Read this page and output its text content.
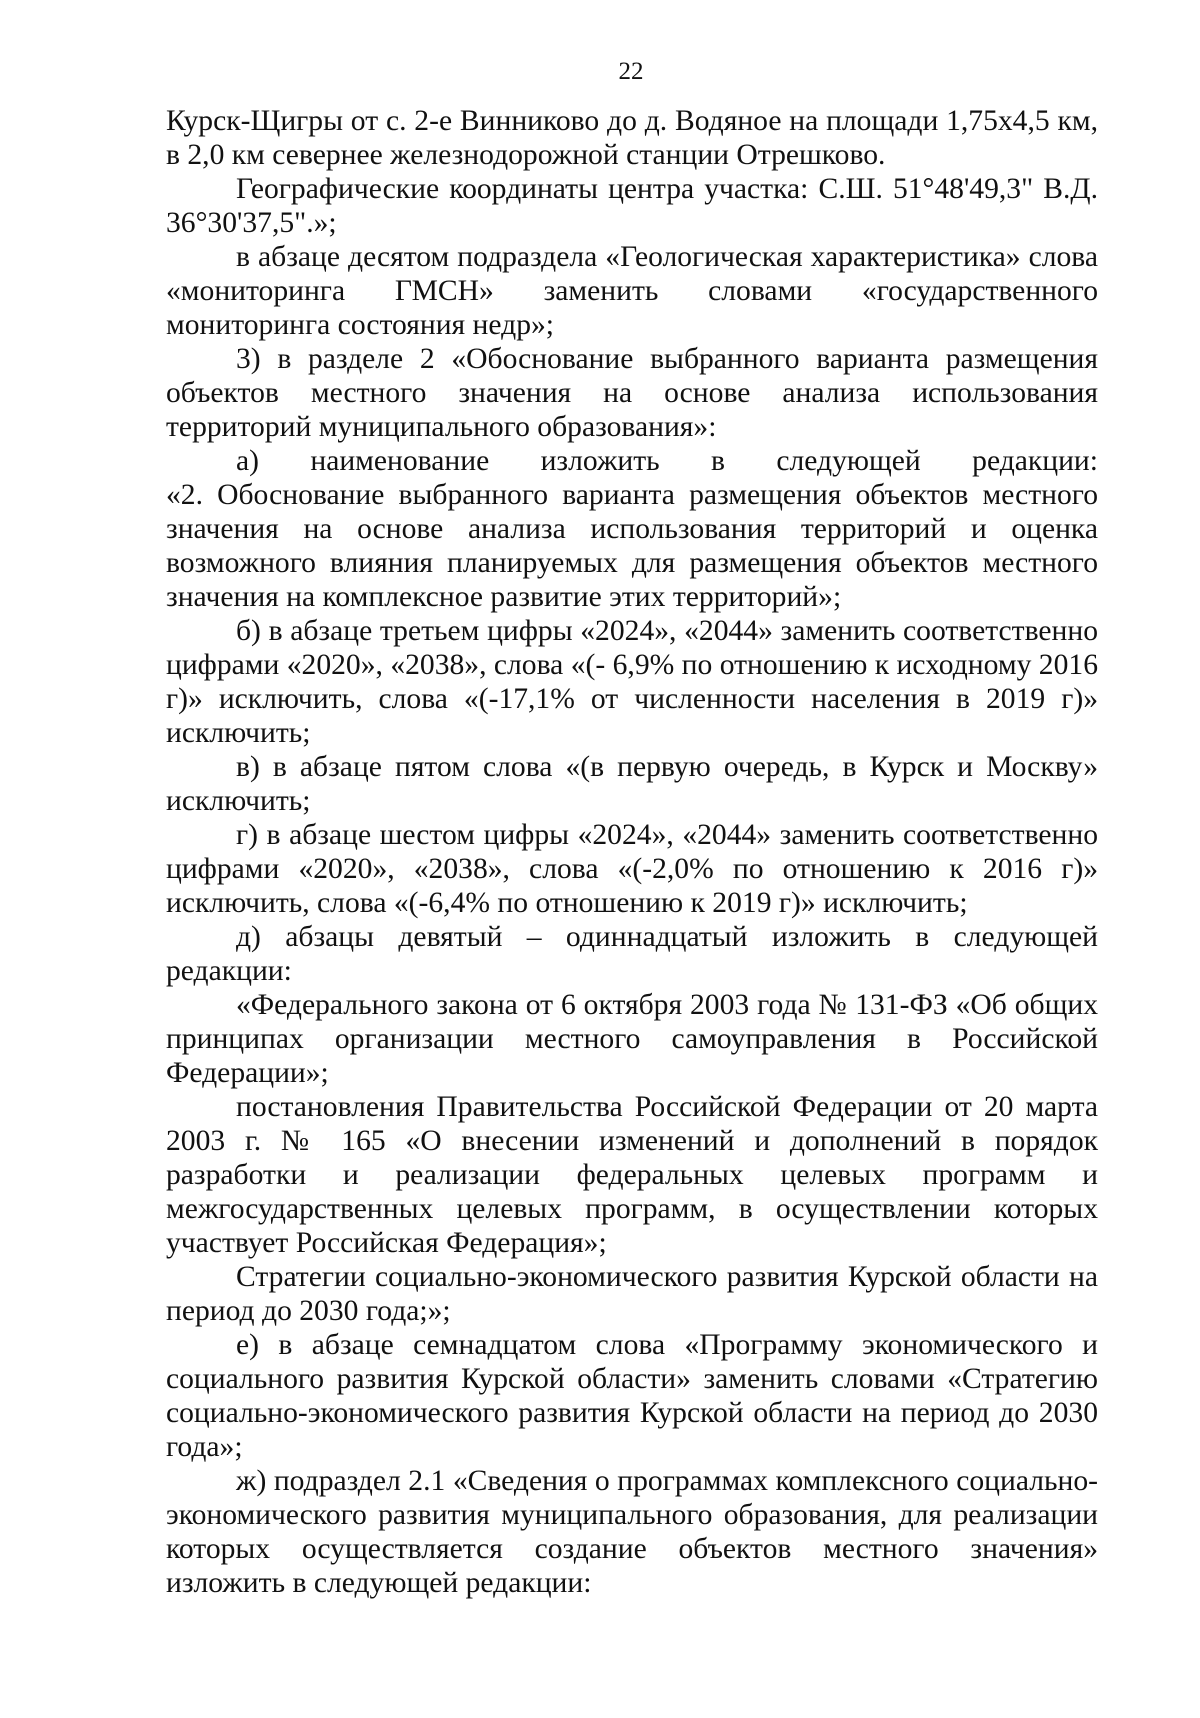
22

Курск-Щигры от с. 2-е Винниково до д. Водяное на площади 1,75х4,5 км, в 2,0 км севернее железнодорожной станции Отрешково.

Географические координаты центра участка: С.Ш. 51°48'49,3" В.Д. 36°30'37,5".»;

в абзаце десятом подраздела «Геологическая характеристика» слова «мониторинга ГМСН» заменить словами «государственного мониторинга состояния недр»;

3) в разделе 2 «Обоснование выбранного варианта размещения объектов местного значения на основе анализа использования территорий муниципального образования»:

а) наименование изложить в следующей редакции:

«2. Обоснование выбранного варианта размещения объектов местного значения на основе анализа использования территорий и оценка возможного влияния планируемых для размещения объектов местного значения на комплексное развитие этих территорий»;

б) в абзаце третьем цифры «2024», «2044» заменить соответственно цифрами «2020», «2038», слова «(- 6,9% по отношению к исходному 2016 г)» исключить, слова «(-17,1% от численности населения в 2019 г)» исключить;

в) в абзаце пятом слова «(в первую очередь, в Курск и Москву» исключить;

г) в абзаце шестом цифры «2024», «2044» заменить соответственно цифрами «2020», «2038», слова «(-2,0% по отношению к 2016 г)» исключить, слова «(-6,4% по отношению к 2019 г)» исключить;

д) абзацы девятый – одиннадцатый изложить в следующей редакции:

«Федерального закона от 6 октября 2003 года № 131-ФЗ «Об общих принципах организации местного самоуправления в Российской Федерации»;

постановления Правительства Российской Федерации от 20 марта 2003 г. № 165 «О внесении изменений и дополнений в порядок разработки и реализации федеральных целевых программ и межгосударственных целевых программ, в осуществлении которых участвует Российская Федерация»;

Стратегии социально-экономического развития Курской области на период до 2030 года;»;

е) в абзаце семнадцатом слова «Программу экономического и социального развития Курской области» заменить словами «Стратегию социально-экономического развития Курской области на период до 2030 года»;

ж) подраздел 2.1 «Сведения о программах комплексного социально-экономического развития муниципального образования, для реализации которых осуществляется создание объектов местного значения» изложить в следующей редакции:
